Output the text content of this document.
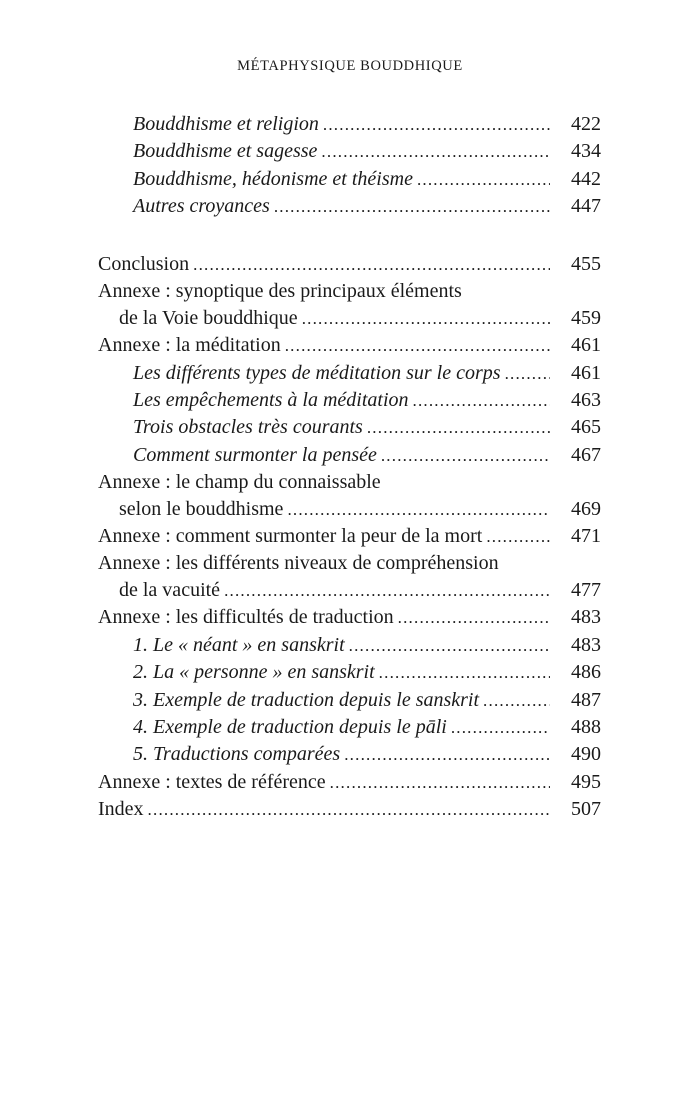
MÉTAPHYSIQUE BOUDDHIQUE
Bouddhisme et religion .....	422
Bouddhisme et sagesse .....	434
Bouddhisme, hédonisme et théisme .....	442
Autres croyances .....	447
Conclusion .....	455
Annexe : synoptique des principaux éléments
de la Voie bouddhique .....	459
Annexe : la méditation .....	461
Les différents types de méditation sur le corps .....	461
Les empêchements à la méditation .....	463
Trois obstacles très courants .....	465
Comment surmonter la pensée .....	467
Annexe : le champ du connaissable
selon le bouddhisme .....	469
Annexe : comment surmonter la peur de la mort .....	471
Annexe : les différents niveaux de compréhension
de la vacuité .....	477
Annexe : les difficultés de traduction .....	483
1. Le « néant » en sanskrit .....	483
2. La « personne » en sanskrit .....	486
3. Exemple de traduction depuis le sanskrit .....	487
4. Exemple de traduction depuis le pāli .....	488
5. Traductions comparées .....	490
Annexe : textes de référence .....	495
Index .....	507
